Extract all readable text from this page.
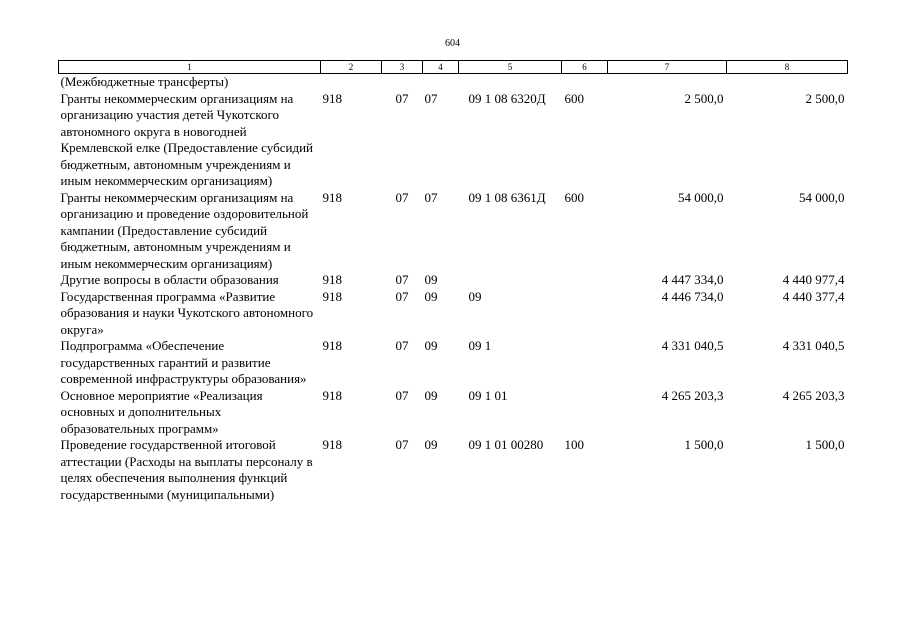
604
1	2	3	4	5	6	7	8
(Межбюджетные трансферты)							
Гранты некоммерческим организациям на организацию участия детей Чукотского автономного округа в новогодней Кремлевской елке (Предоставление субсидий бюджетным, автономным учреждениям и иным некоммерческим организациям)	918	07	07	09 1 08 6320Д	600	2 500,0	2 500,0
Гранты некоммерческим организациям на организацию и проведение оздоровительной кампании (Предоставление субсидий бюджетным, автономным учреждениям и иным некоммерческим организациям)	918	07	07	09 1 08 6361Д	600	54 000,0	54 000,0
Другие вопросы в области образования	918	07	09			4 447 334,0	4 440 977,4
Государственная программа «Развитие образования и науки Чукотского автономного округа»	918	07	09	09		4 446 734,0	4 440 377,4
Подпрограмма «Обеспечение государственных гарантий и развитие современной инфраструктуры образования»	918	07	09	09 1		4 331 040,5	4 331 040,5
Основное мероприятие «Реализация основных и дополнительных образовательных программ»	918	07	09	09 1 01		4 265 203,3	4 265 203,3
Проведение государственной итоговой аттестации (Расходы на выплаты персоналу в целях обеспечения выполнения функций государственными (муниципальными)	918	07	09	09 1 01 00280	100	1 500,0	1 500,0
